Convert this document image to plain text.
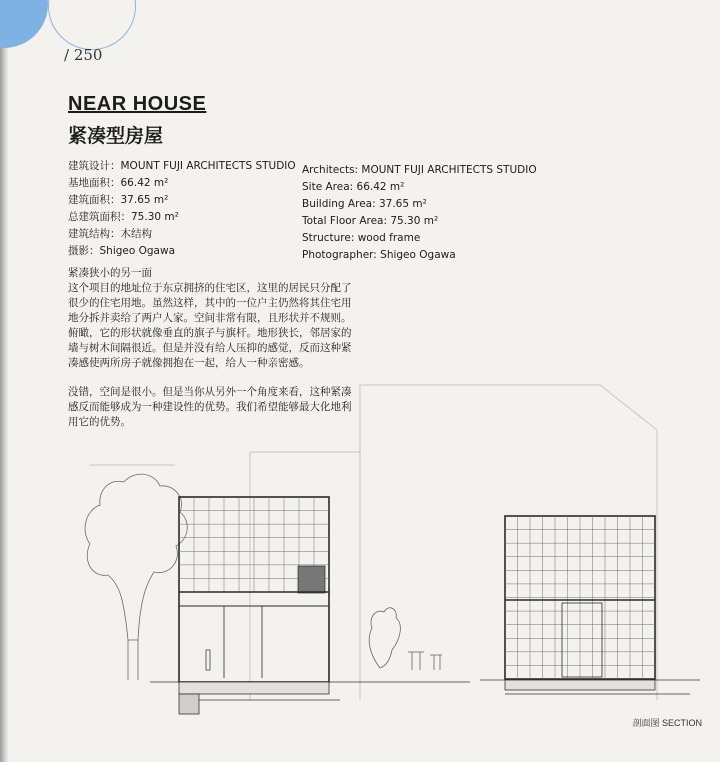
/ 250
NEAR HOUSE
紧凑型房屋
建筑设计：MOUNT FUJI ARCHITECTS STUDIO
基地面积：66.42 m²
建筑面积：37.65 m²
总建筑面积：75.30 m²
建筑结构：木结构
摄影：Shigeo Ogawa
Architects: MOUNT FUJI ARCHITECTS STUDIO
Site Area: 66.42 m²
Building Area: 37.65 m²
Total Floor Area: 75.30 m²
Structure: wood frame
Photographer: Shigeo Ogawa
紧凑狭小的另一面

这个项目的地址位于东京拥挤的住宅区，这里的居民只分配了很少的住宅用地。虽然这样，其中的一位户主仍然将其住宅用地分拆并卖给了两户人家。空间非常有限，且形状并不规则。俯瞰，它的形状就像垂直的旗子与旗杆。地形狭长，邻居家的墙与树木间隔很近。但是并没有给人压抑的感觉，反而这种紧凑感使两所房子就像拥抱在一起，给人一种亲密感。

没错，空间是很小。但是当你从另外一个角度来看，这种紧凑感反而能够成为一种建设性的优势。我们希望能够最大化地利用它的优势。

剖面图 SECTION
